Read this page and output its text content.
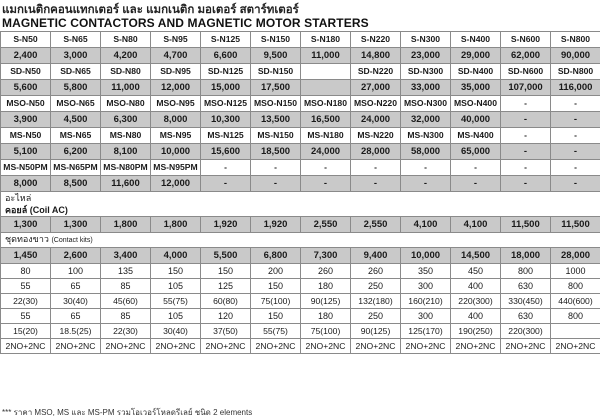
แมกเนติกคอนแทกเตอร์ และ แมกเนติก มอเตอร์ สตาร์ทเตอร์
MAGNETIC CONTACTORS AND MAGNETIC MOTOR STARTERS
S-N50	S-N65	S-N80	S-N95	S-N125	S-N150	S-N180	S-N220	S-N300	S-N400	S-N600	S-N800
2,400	3,000	4,200	4,700	6,600	9,500	11,000	14,800	23,000	29,000	62,000	90,000
SD-N50	SD-N65	SD-N80	SD-N95	SD-N125	SD-N150		SD-N220	SD-N300	SD-N400	SD-N600	SD-N800
5,600	5,800	11,000	12,000	15,000	17,500		27,000	33,000	35,000	107,000	116,000
MSO-N50	MSO-N65	MSO-N80	MSO-N95	MSO-N125	MSO-N150	MSO-N180	MSO-N220	MSO-N300	MSO-N400	-	-
3,900	4,500	6,300	8,000	10,300	13,500	16,500	24,000	32,000	40,000	-	-
MS-N50	MS-N65	MS-N80	MS-N95	MS-N125	MS-N150	MS-N180	MS-N220	MS-N300	MS-N400	-	-
5,100	6,200	8,100	10,000	15,600	18,500	24,000	28,000	58,000	65,000	-	-
MS-N50PM	MS-N65PM	MS-N80PM	MS-N95PM	-	-	-	-	-	-	-	-
8,000	8,500	11,600	12,000	-	-	-	-	-	-	-	-
อะไหล่											
คอยล์ (Coil AC)											
1,300	1,300	1,800	1,800	1,920	1,920	2,550	2,550	4,100	4,100	11,500	11,500
ชุดทองขาว (Contact kits)											
1,450	2,600	3,400	4,000	5,500	6,800	7,300	9,400	10,000	14,500	18,000	28,000
80	100	135	150	150	200	260	260	350	450	800	1000
55	65	85	105	125	150	180	250	300	400	630	800
22(30)	30(40)	45(60)	55(75)	60(80)	75(100)	90(125)	132(180)	160(210)	220(300)	330(450)	440(600)
55	65	85	105	120	150	180	250	300	400	630	800
15(20)	18.5(25)	22(30)	30(40)	37(50)	55(75)	75(100)	90(125)	125(170)	190(250)	220(300)	
2NO+2NC	2NO+2NC	2NO+2NC	2NO+2NC	2NO+2NC	2NO+2NC	2NO+2NC	2NO+2NC	2NO+2NC	2NO+2NC	2NO+2NC	2NO+2NC
*** ราคา MSO, MS และ MS-PM รวมโอเวอร์โหลดรีเลย์ ชนิด 2 elements
